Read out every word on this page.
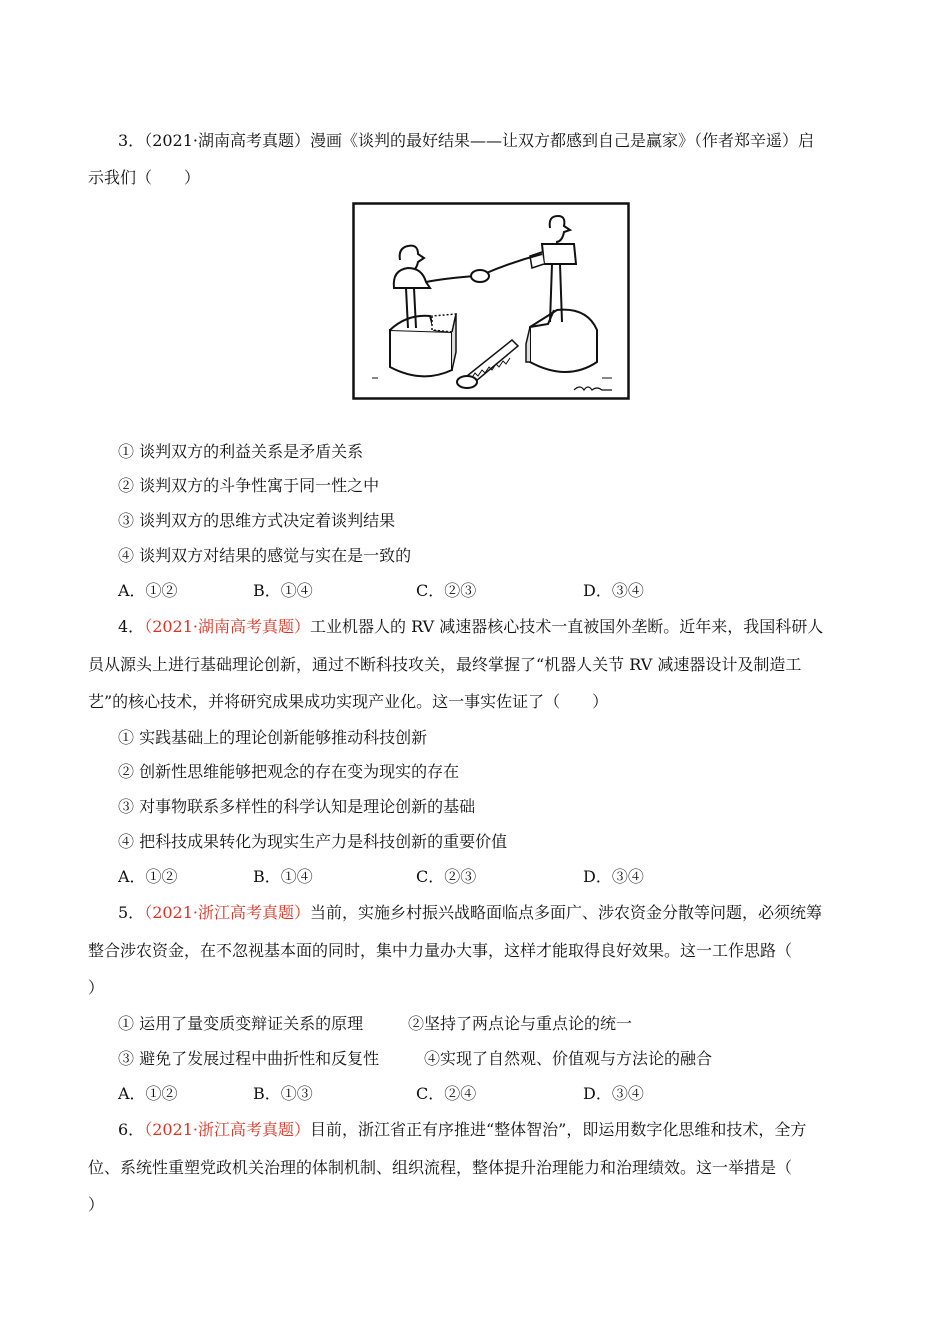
3．（2021·湖南高考真题）漫画《谈判的最好结果——让双方都感到自己是赢家》（作者郑辛遥）启
示我们（　　）
① 谈判双方的利益关系是矛盾关系
② 谈判双方的斗争性寓于同一性之中
③ 谈判双方的思维方式决定着谈判结果
④ 谈判双方对结果的感觉与实在是一致的
A．①②	B．①④	C．②③	D．③④
4．（2021·湖南高考真题）工业机器人的 RV 减速器核心技术一直被国外垄断。近年来，我国科研人
员从源头上进行基础理论创新，通过不断科技攻关，最终掌握了“机器人关节 RV 减速器设计及制造工
艺”的核心技术，并将研究成果成功实现产业化。这一事实佐证了（　　）
① 实践基础上的理论创新能够推动科技创新
② 创新性思维能够把观念的存在变为现实的存在
③ 对事物联系多样性的科学认知是理论创新的基础
④ 把科技成果转化为现实生产力是科技创新的重要价值
A．①②	B．①④	C．②③	D．③④
5．（2021·浙江高考真题）当前，实施乡村振兴战略面临点多面广、涉农资金分散等问题，必须统筹
整合涉农资金，在不忽视基本面的同时，集中力量办大事，这样才能取得良好效果。这一工作思路（
）
① 运用了量变质变辩证关系的原理	②坚持了两点论与重点论的统一
③ 避免了发展过程中曲折性和反复性	④实现了自然观、价值观与方法论的融合
A．①②	B．①③	C．②④	D．③④
6．（2021·浙江高考真题）目前，浙江省正有序推进“整体智治”，即运用数字化思维和技术，全方
位、系统性重塑党政机关治理的体制机制、组织流程，整体提升治理能力和治理绩效。这一举措是（
）
